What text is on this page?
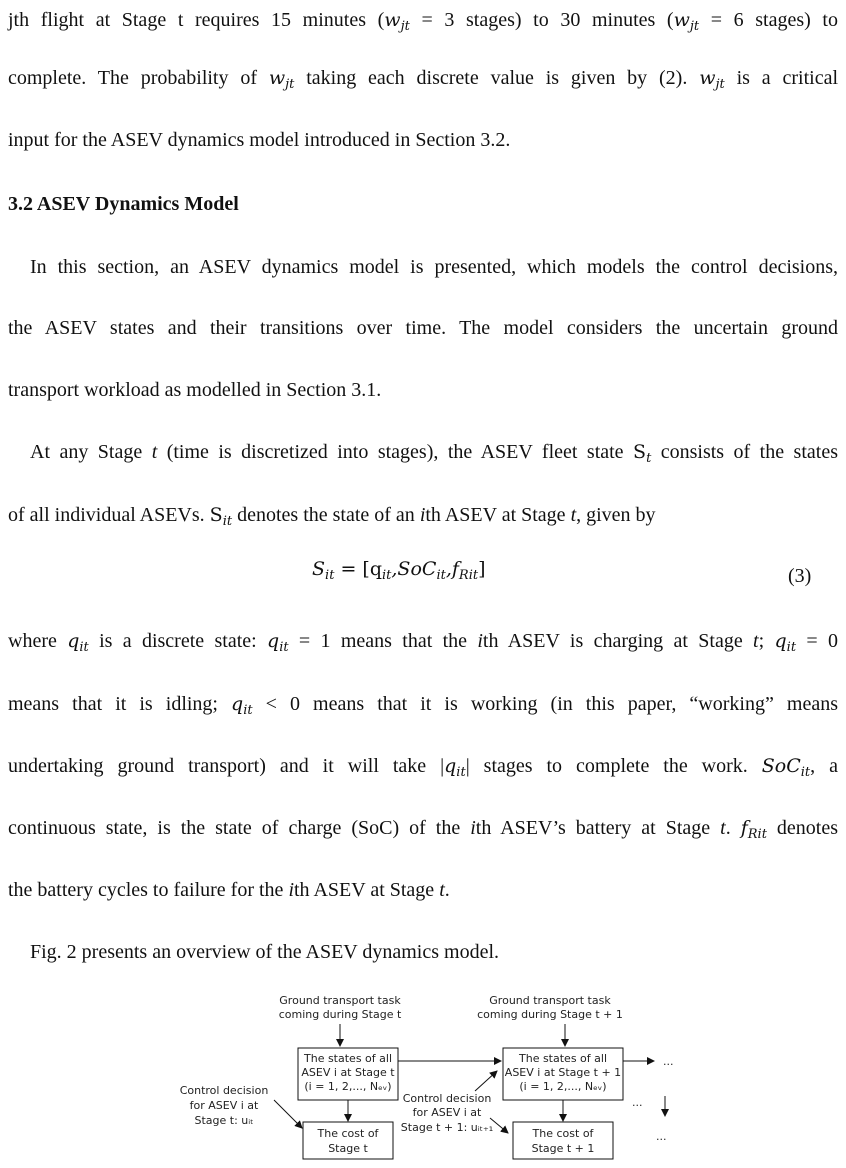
jth flight at Stage t requires 15 minutes ($w_{jt} = 3$ stages) to 30 minutes ($w_{jt} = 6$ stages) to
complete. The probability of $w_{jt}$ taking each discrete value is given by (2). $w_{jt}$ is a critical
input for the ASEV dynamics model introduced in Section 3.2.
3.2 ASEV Dynamics Model
In this section, an ASEV dynamics model is presented, which models the control decisions,
the ASEV states and their transitions over time. The model considers the uncertain ground
transport workload as modelled in Section 3.1.
At any Stage t (time is discretized into stages), the ASEV fleet state $S_t$ consists of the states
of all individual ASEVs. $S_{it}$ denotes the state of an ith ASEV at Stage t, given by
$S_{it} = [q_{it},SoC_{it},f_{Rit}]$	(3)
where $q_{it}$ is a discrete state: $q_{it} = 1$ means that the ith ASEV is charging at Stage t; $q_{it} = 0$
means that it is idling; $q_{it} < 0$ means that it is working (in this paper, “working” means
undertaking ground transport) and it will take $|q_{it}|$ stages to complete the work. SoC$_{it}$, a
continuous state, is the state of charge (SoC) of the ith ASEV’s battery at Stage t. $f_{Rit}$ denotes
the battery cycles to failure for the ith ASEV at Stage t.
Fig. 2 presents an overview of the ASEV dynamics model.
Ground transport task
coming during Stage t
Ground transport task
coming during Stage t + 1
The states of all
ASEV i at Stage t
(i = 1, 2,..., Nₑᵥ)
The states of all
ASEV i at Stage t + 1
(i = 1, 2,..., Nₑᵥ)
...
Control decision
for ASEV i at
Stage t: uᵢₜ
Control decision
for ASEV i at
Stage t + 1: uᵢₜ₊₁
The cost of
Stage t
The cost of
Stage t + 1
...
...
